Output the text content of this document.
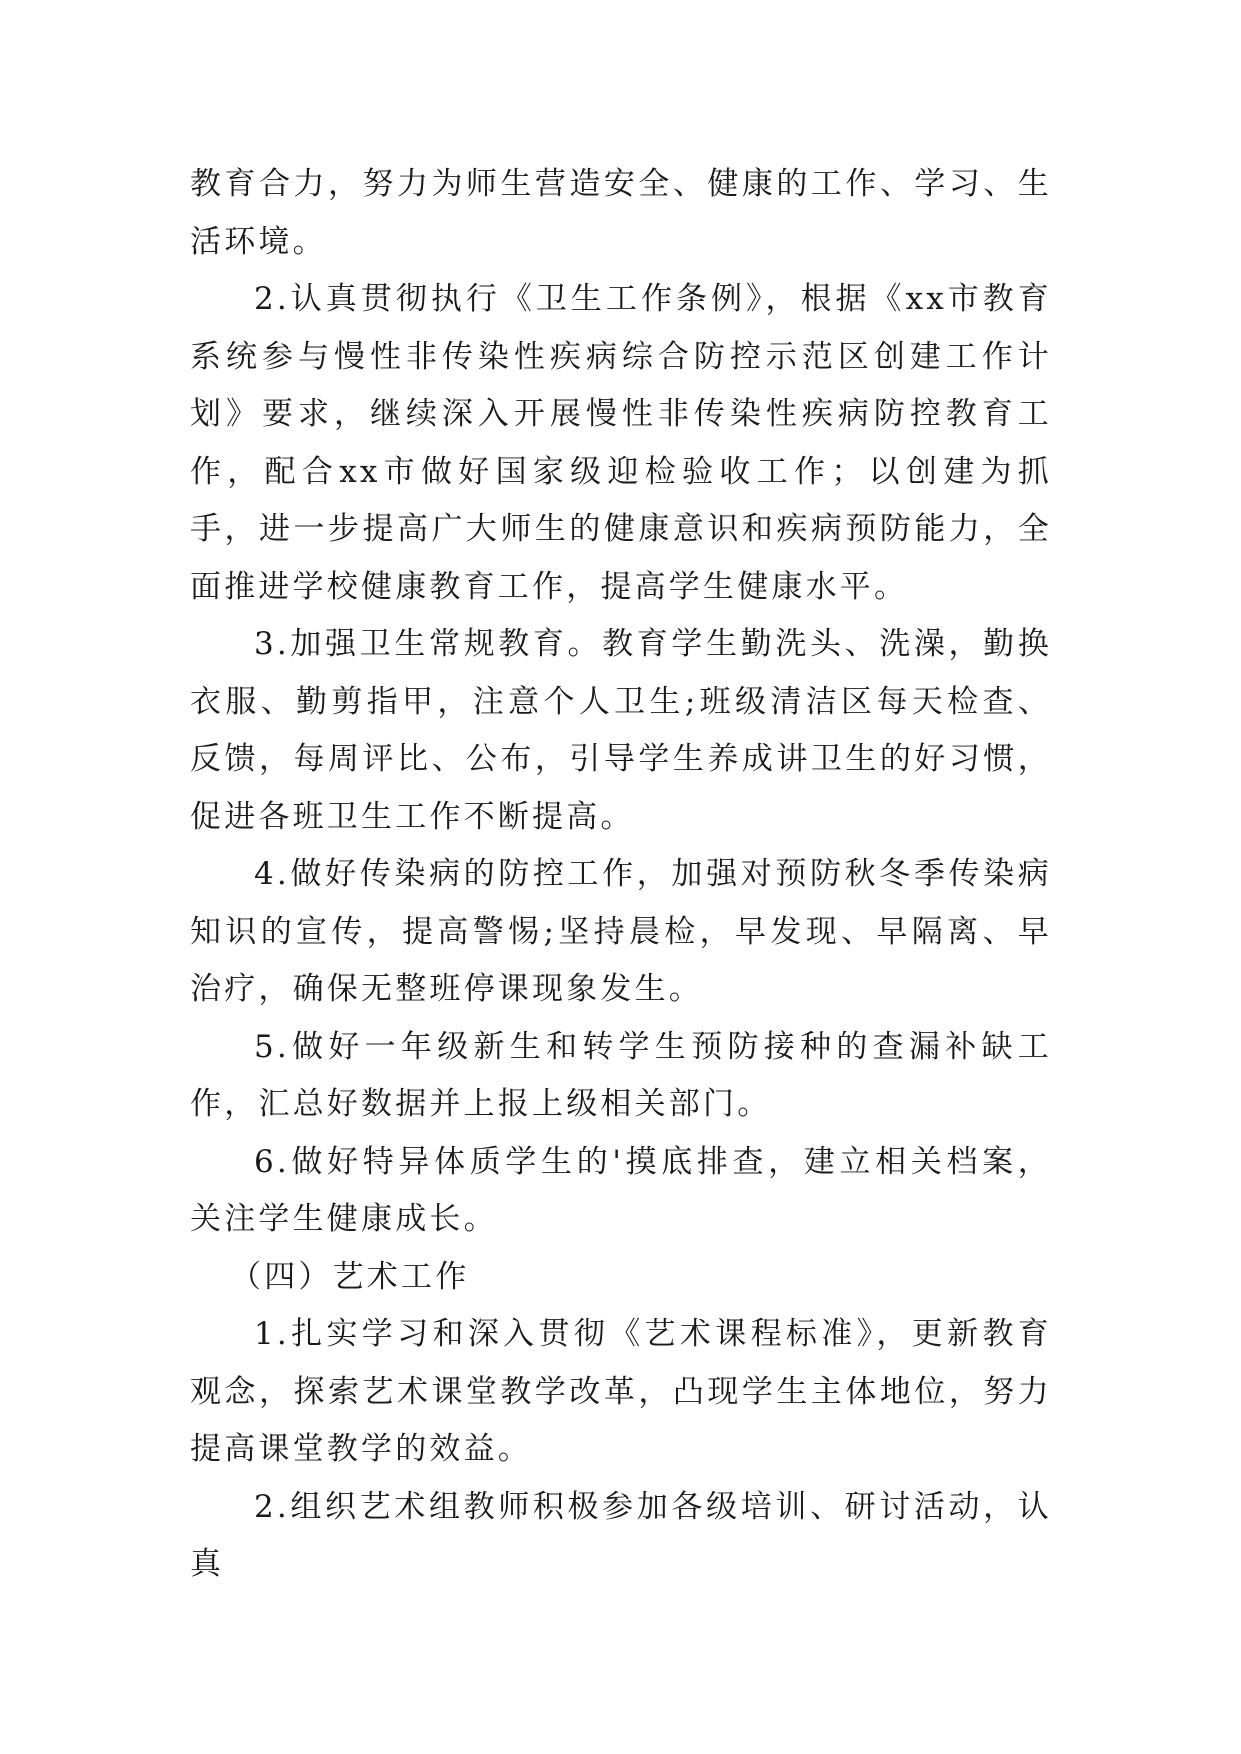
教育合力，努力为师生营造安全、健康的工作、学习、生活环境。

2.认真贯彻执行《卫生工作条例》，根据《xx市教育系统参与慢性非传染性疾病综合防控示范区创建工作计划》要求，继续深入开展慢性非传染性疾病防控教育工作，配合xx市做好国家级迎检验收工作；以创建为抓手，进一步提高广大师生的健康意识和疾病预防能力，全面推进学校健康教育工作，提高学生健康水平。

3.加强卫生常规教育。教育学生勤洗头、洗澡，勤换衣服、勤剪指甲，注意个人卫生;班级清洁区每天检查、反馈，每周评比、公布，引导学生养成讲卫生的好习惯，促进各班卫生工作不断提高。

4.做好传染病的防控工作，加强对预防秋冬季传染病知识的宣传，提高警惕;坚持晨检，早发现、早隔离、早治疗，确保无整班停课现象发生。

5.做好一年级新生和转学生预防接种的查漏补缺工作，汇总好数据并上报上级相关部门。

6.做好特异体质学生的'摸底排查，建立相关档案，关注学生健康成长。

（四）艺术工作

1.扎实学习和深入贯彻《艺术课程标准》，更新教育观念，探索艺术课堂教学改革，凸现学生主体地位，努力提高课堂教学的效益。

2.组织艺术组教师积极参加各级培训、研讨活动，认真
